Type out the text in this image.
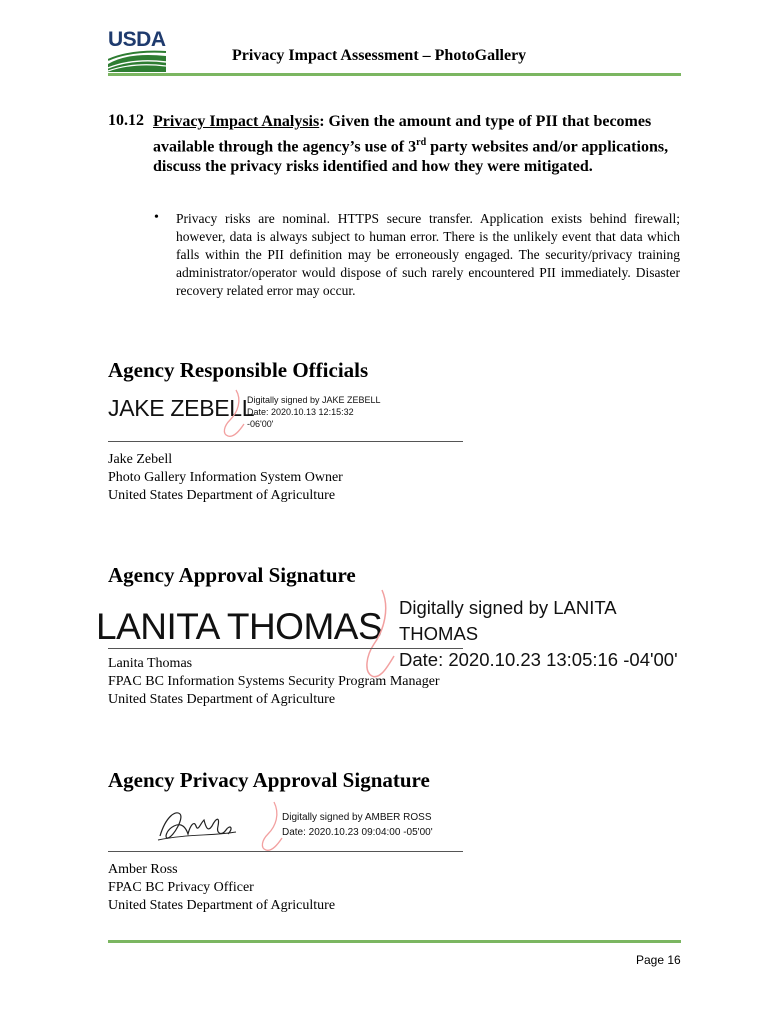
USDA
Privacy Impact Assessment – PhotoGallery
10.12 Privacy Impact Analysis: Given the amount and type of PII that becomes available through the agency’s use of 3rd party websites and/or applications, discuss the privacy risks identified and how they were mitigated.
• Privacy risks are nominal. HTTPS secure transfer. Application exists behind firewall; however, data is always subject to human error. There is the unlikely event that data which falls within the PII definition may be erroneously engaged. The security/privacy training administrator/operator would dispose of such rarely encountered PII immediately. Disaster recovery related error may occur.
Agency Responsible Officials
JAKE ZEBELL
Digitally signed by JAKE ZEBELL
Date: 2020.10.13 12:15:32
-06'00'
Jake Zebell
Photo Gallery Information System Owner
United States Department of Agriculture
Agency Approval Signature
LANITA THOMAS Digitally signed by LANITA
THOMAS
Date: 2020.10.23 13:05:16 -04'00'
Lanita Thomas
FPAC BC Information Systems Security Program Manager
United States Department of Agriculture
Agency Privacy Approval Signature
Digitally signed by AMBER ROSS
Date: 2020.10.23 09:04:00 -05'00'
Amber Ross
FPAC BC Privacy Officer
United States Department of Agriculture
Page 16
